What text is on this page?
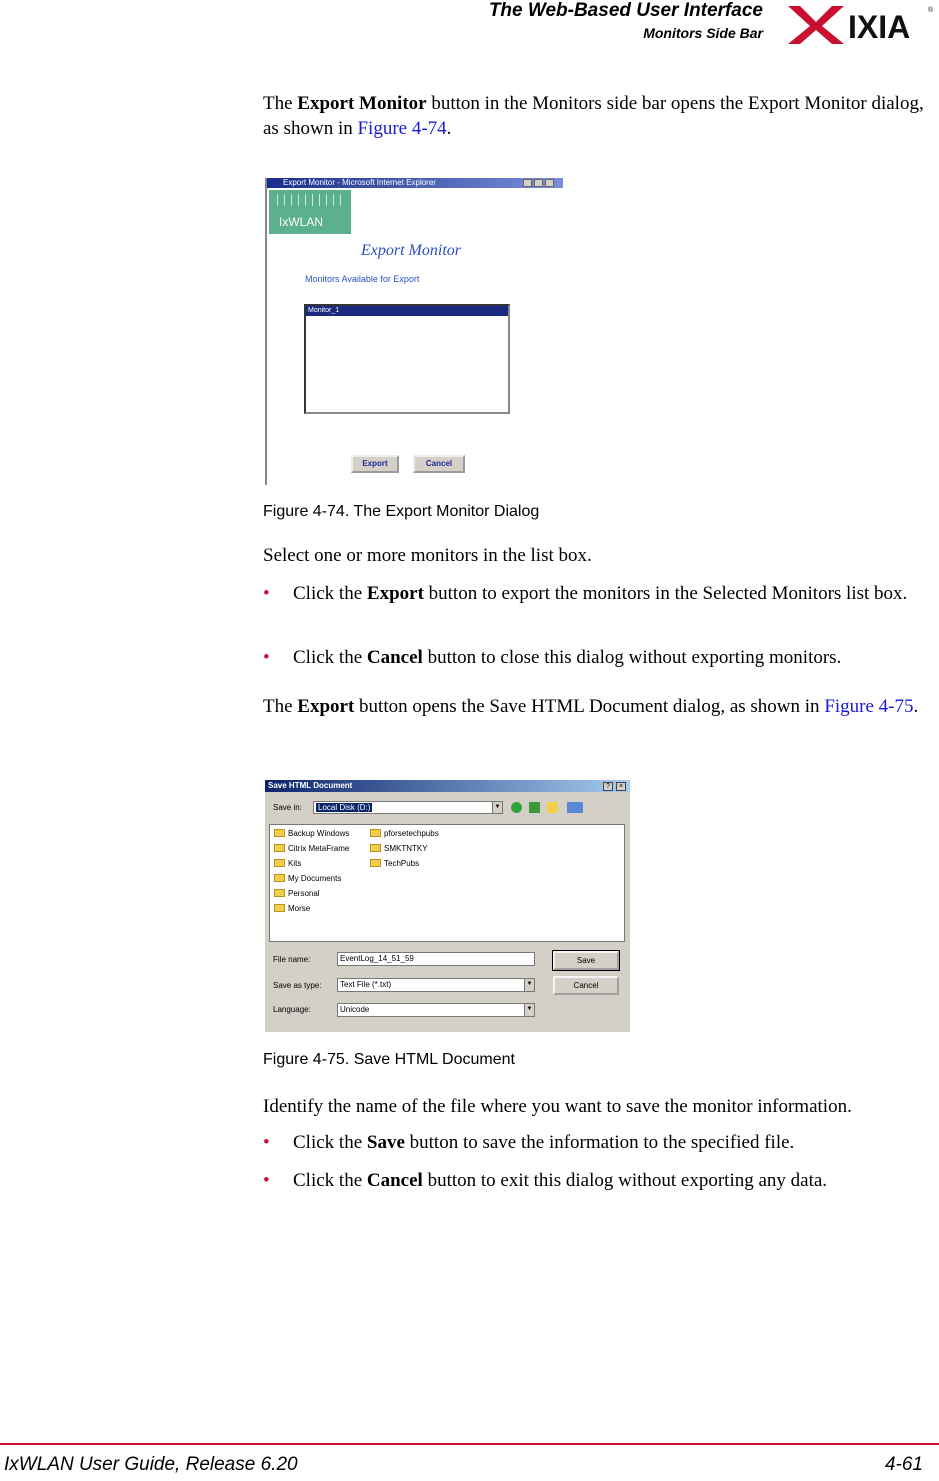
The Web-Based User Interface
Monitors Side Bar	IXIA	®
The Export Monitor button in the Monitors side bar opens the Export Monitor dialog, as shown in Figure 4-74.
Export Monitor - Microsoft Internet Explorer
IxWLAN
Export Monitor
Monitors Available for Export
Monitor_1
Export	Cancel
Figure 4-74. The Export Monitor Dialog
Select one or more monitors in the list box.
• Click the Export button to export the monitors in the Selected Monitors list box.
• Click the Cancel button to close this dialog without exporting monitors.
The Export button opens the Save HTML Document dialog, as shown in Figure 4-75.
Save HTML Document	?	×
Save in:	Local Disk (D:)	▼
Backup Windows
Citrix MetaFrame
Kits
My Documents
Personal
Morse
pforsetechpubs
SMKTNTKY
TechPubs
File name:	EventLog_14_51_59
Save as type:	Text File (*.txt)	▼
Language:	Unicode	▼
Save
Cancel
Figure 4-75. Save HTML Document
Identify the name of the file where you want to save the monitor information.
• Click the Save button to save the information to the specified file.
• Click the Cancel button to exit this dialog without exporting any data.
IxWLAN User Guide, Release 6.20	4-61
